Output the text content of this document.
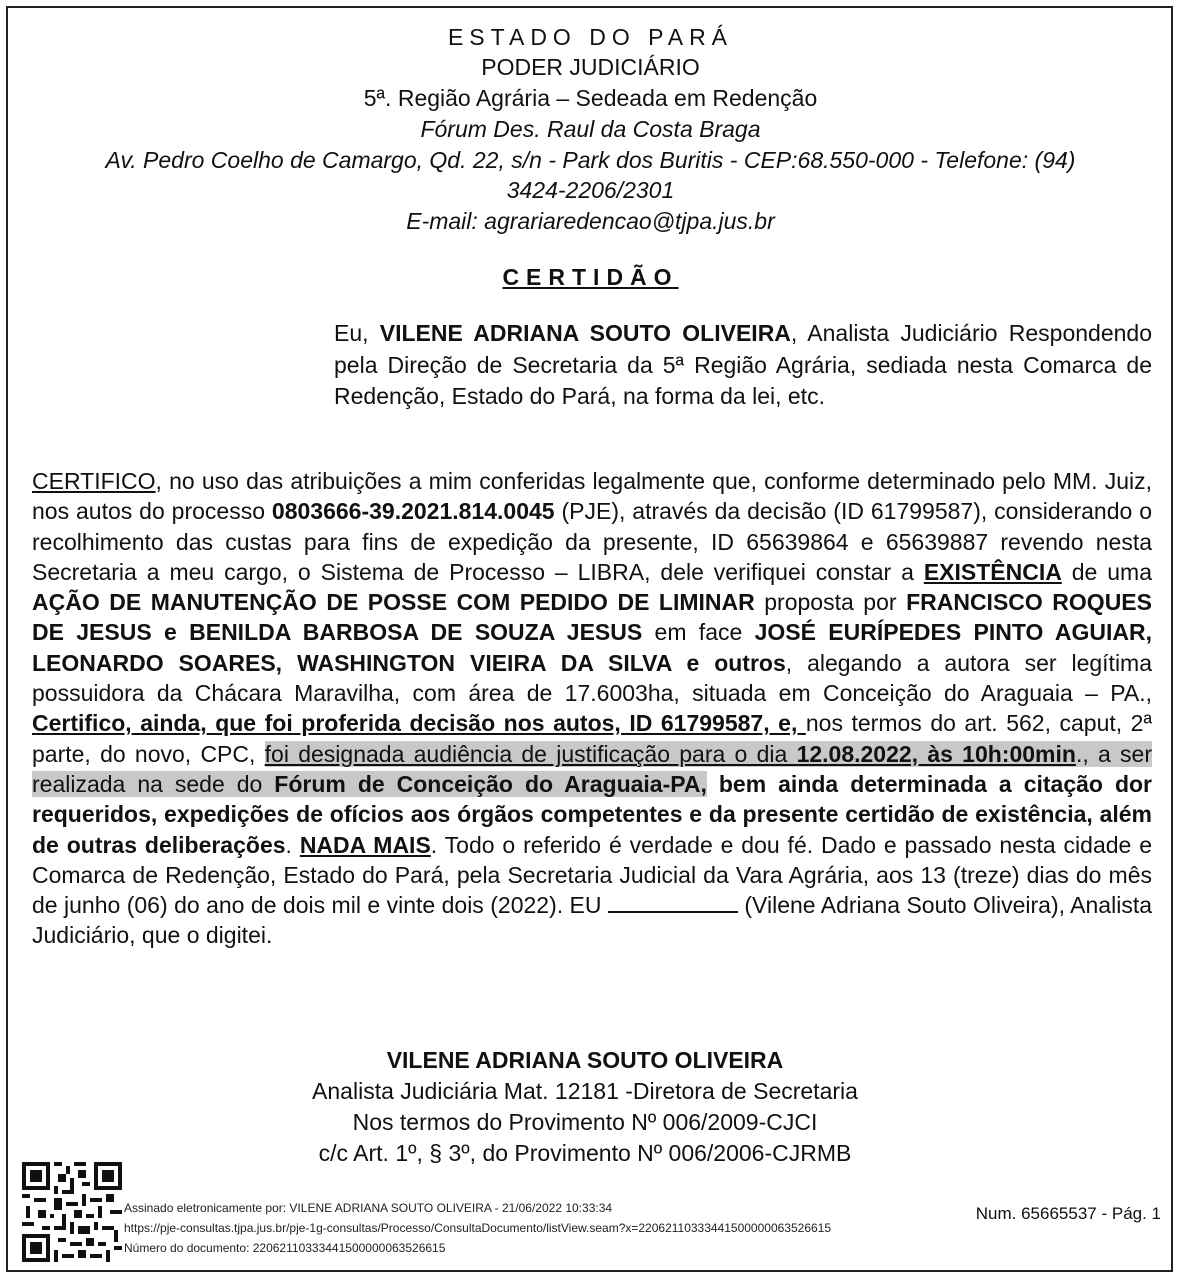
ESTADO DO PARÁ
PODER JUDICIÁRIO
5ª. Região Agrária – Sedeada em Redenção
Fórum Des. Raul da Costa Braga
Av. Pedro Coelho de Camargo, Qd. 22, s/n - Park dos Buritis - CEP:68.550-000 - Telefone: (94)
3424-2206/2301
E-mail: agrariaredencao@tjpa.jus.br
CERTIDÃO
Eu, VILENE ADRIANA SOUTO OLIVEIRA, Analista Judiciário Respondendo pela Direção de Secretaria da 5ª Região Agrária, sediada nesta Comarca de Redenção, Estado do Pará, na forma da lei, etc.
CERTIFICO, no uso das atribuições a mim conferidas legalmente que, conforme determinado pelo MM. Juiz, nos autos do processo 0803666-39.2021.814.0045 (PJE), através da decisão (ID 61799587), considerando o recolhimento das custas para fins de expedição da presente, ID 65639864 e 65639887 revendo nesta Secretaria a meu cargo, o Sistema de Processo – LIBRA, dele verifiquei constar a EXISTÊNCIA de uma AÇÃO DE MANUTENÇÃO DE POSSE COM PEDIDO DE LIMINAR proposta por FRANCISCO ROQUES DE JESUS e BENILDA BARBOSA DE SOUZA JESUS em face JOSÉ EURÍPEDES PINTO AGUIAR, LEONARDO SOARES, WASHINGTON VIEIRA DA SILVA e outros, alegando a autora ser legítima possuidora da Chácara Maravilha, com área de 17.6003ha, situada em Conceição do Araguaia – PA., Certifico, ainda, que foi proferida decisão nos autos, ID 61799587, e, nos termos do art. 562, caput, 2ª parte, do novo, CPC, foi designada audiência de justificação para o dia 12.08.2022, às 10h:00min., a ser realizada na sede do Fórum de Conceição do Araguaia-PA, bem ainda determinada a citação dor requeridos, expedições de ofícios aos órgãos competentes e da presente certidão de existência, além de outras deliberações. NADA MAIS. Todo o referido é verdade e dou fé. Dado e passado nesta cidade e Comarca de Redenção, Estado do Pará, pela Secretaria Judicial da Vara Agrária, aos 13 (treze) dias do mês de junho (06) do ano de dois mil e vinte dois (2022). EU	(Vilene Adriana Souto Oliveira), Analista Judiciário, que o digitei.
VILENE ADRIANA SOUTO OLIVEIRA
Analista Judiciária Mat. 12181 -Diretora de Secretaria
Nos termos do Provimento Nº 006/2009-CJCI
c/c Art. 1º, § 3º, do Provimento Nº 006/2006-CJRMB
Assinado eletronicamente por: VILENE ADRIANA SOUTO OLIVEIRA - 21/06/2022 10:33:34
https://pje-consultas.tjpa.jus.br/pje-1g-consultas/Processo/ConsultaDocumento/listView.seam?x=22062110333441500000063526615
Número do documento: 22062110333441500000063526615
Num. 65665537 - Pág. 1
